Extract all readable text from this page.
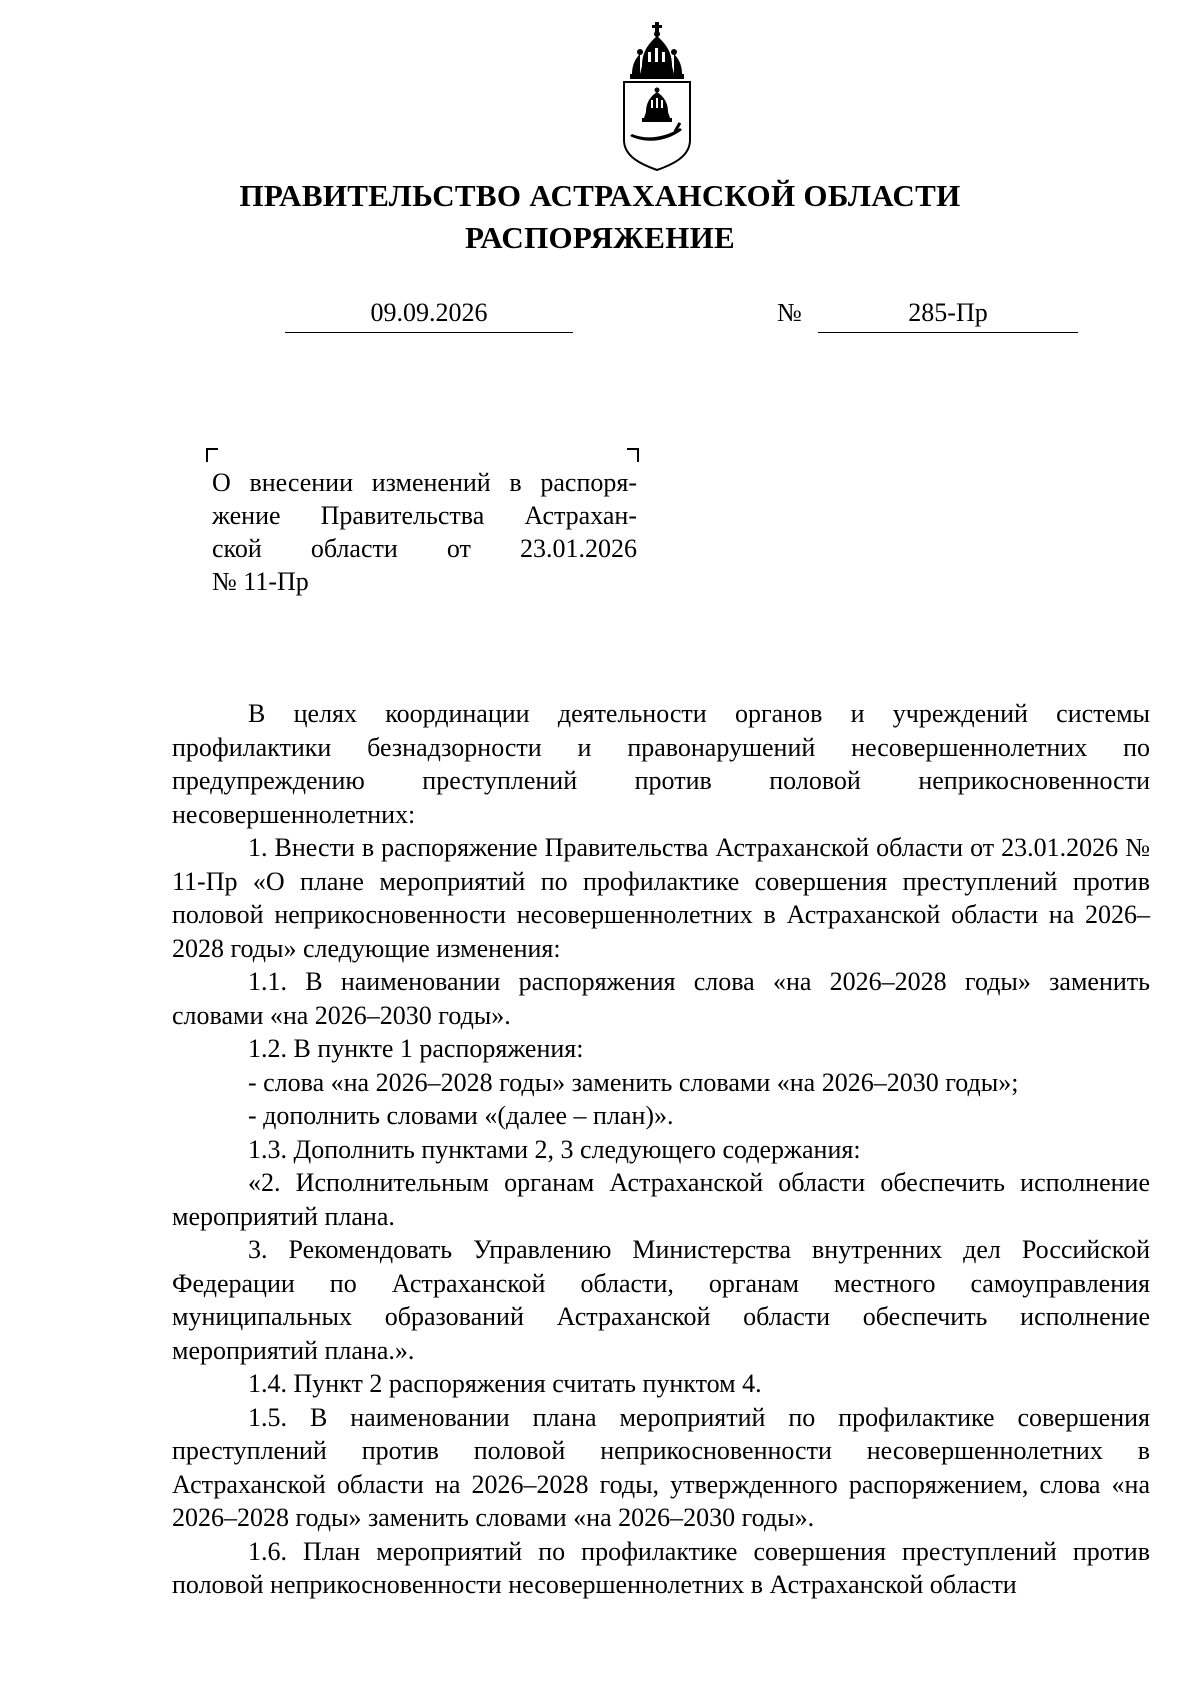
ПРАВИТЕЛЬСТВО АСТРАХАНСКОЙ ОБЛАСТИ
РАСПОРЯЖЕНИЕ
09.09.2026	№	285-Пр
О внесении изменений в распоря-
жение Правительства Астрахан-
ской области от 23.01.2026
№ 11-Пр

В целях координации деятельности органов и учреждений системы профилактики безнадзорности и правонарушений несовершеннолетних по предупреждению преступлений против половой неприкосновенности несовершеннолетних:

1. Внести в распоряжение Правительства Астраханской области от 23.01.2026 № 11-Пр «О плане мероприятий по профилактике совершения преступлений против половой неприкосновенности несовершеннолетних в Астраханской области на 2026–2028 годы» следующие изменения:

1.1. В наименовании распоряжения слова «на 2026–2028 годы» заменить словами «на 2026–2030 годы».

1.2. В пункте 1 распоряжения:

- слова «на 2026–2028 годы» заменить словами «на 2026–2030 годы»;

- дополнить словами «(далее – план)».

1.3. Дополнить пунктами 2, 3 следующего содержания:

«2. Исполнительным органам Астраханской области обеспечить исполнение мероприятий плана.

3. Рекомендовать Управлению Министерства внутренних дел Российской Федерации по Астраханской области, органам местного самоуправления муниципальных образований Астраханской области обеспечить исполнение мероприятий плана.».

1.4. Пункт 2 распоряжения считать пунктом 4.

1.5. В наименовании плана мероприятий по профилактике совершения преступлений против половой неприкосновенности несовершеннолетних в Астраханской области на 2026–2028 годы, утвержденного распоряжением, слова «на 2026–2028 годы» заменить словами «на 2026–2030 годы».

1.6. План мероприятий по профилактике совершения преступлений против половой неприкосновенности несовершеннолетних в Астраханской области
